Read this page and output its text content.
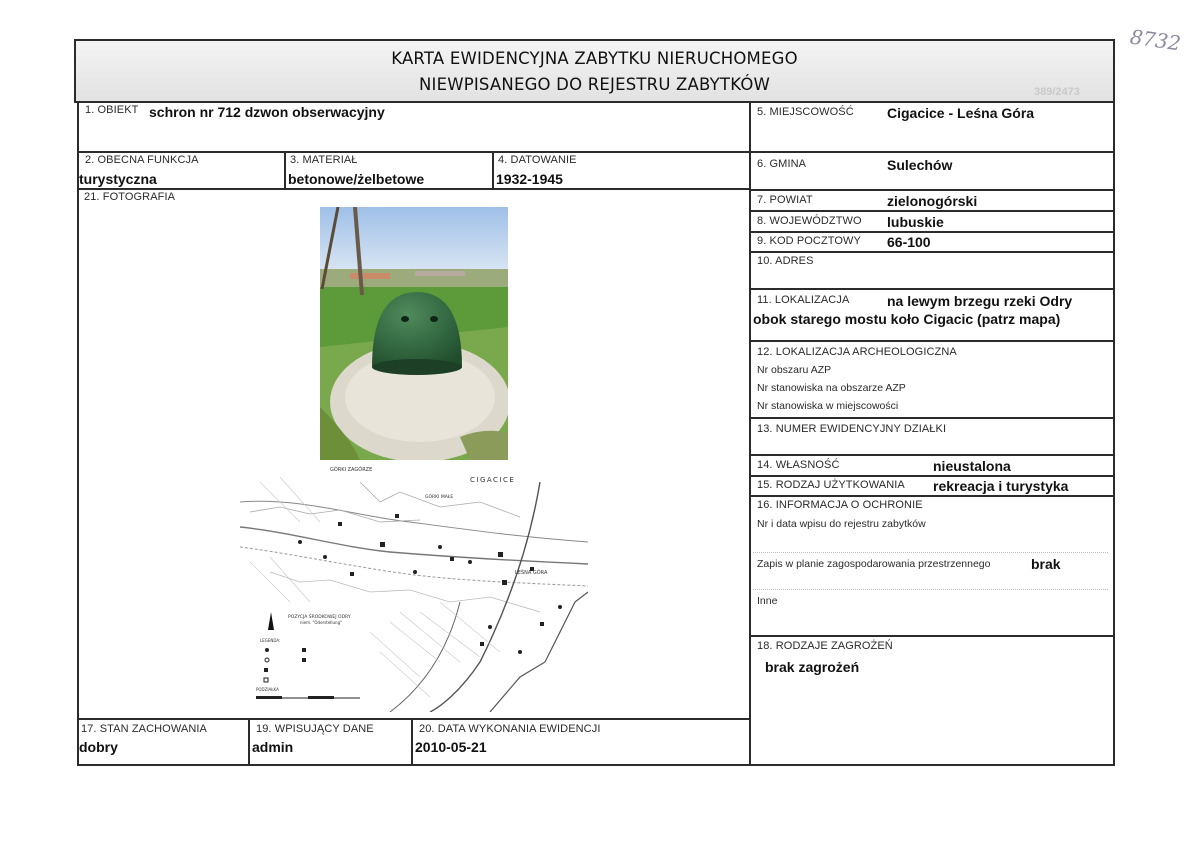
8732
KARTA EWIDENCYJNA ZABYTKU NIERUCHOMEGO
NIEWPISANEGO DO REJESTRU ZABYTKÓW	389/2473
1. OBIEKT schron nr 712 dzwon obserwacyjny
2. OBECNA FUNKCJA
turystyczna
3. MATERIAŁ
betonowe/żelbetowe
4. DATOWANIE
1932-1945
21. FOTOGRAFIA
GÓRKI ZAGÓRZE
CIGACICE
GÓRKI MAŁE
LEŚNA GÓRA
POZYCJA ŚRODKOWEJ ODRY
niem. "Oderstellung"
LEGENDA:
PODZIAŁKA
17. STAN ZACHOWANIA
dobry
19. WPISUJĄCY DANE
admin
20. DATA WYKONANIA EWIDENCJI
2010-05-21
5. MIEJSCOWOŚĆ Cigacice - Leśna Góra
6. GMINA	Sulechów
7. POWIAT	zielonogórski
8. WOJEWÓDZTWO lubuskie
9. KOD POCZTOWY 66-100
10. ADRES
11. LOKALIZACJA	na lewym brzegu rzeki Odry
obok starego mostu koło Cigacic (patrz mapa)
12. LOKALIZACJA ARCHEOLOGICZNA
Nr obszaru AZP
Nr stanowiska na obszarze AZP
Nr stanowiska w miejscowości
13. NUMER EWIDENCYJNY DZIAŁKI
14. WŁASNOŚĆ	nieustalona
15. RODZAJ UŻYTKOWANIA rekreacja i turystyka
16. INFORMACJA O OCHRONIE
Nr i data wpisu do rejestru zabytków
Zapis w planie zagospodarowania przestrzennego	brak
Inne
18. RODZAJE ZAGROŻEŃ
brak zagrożeń
